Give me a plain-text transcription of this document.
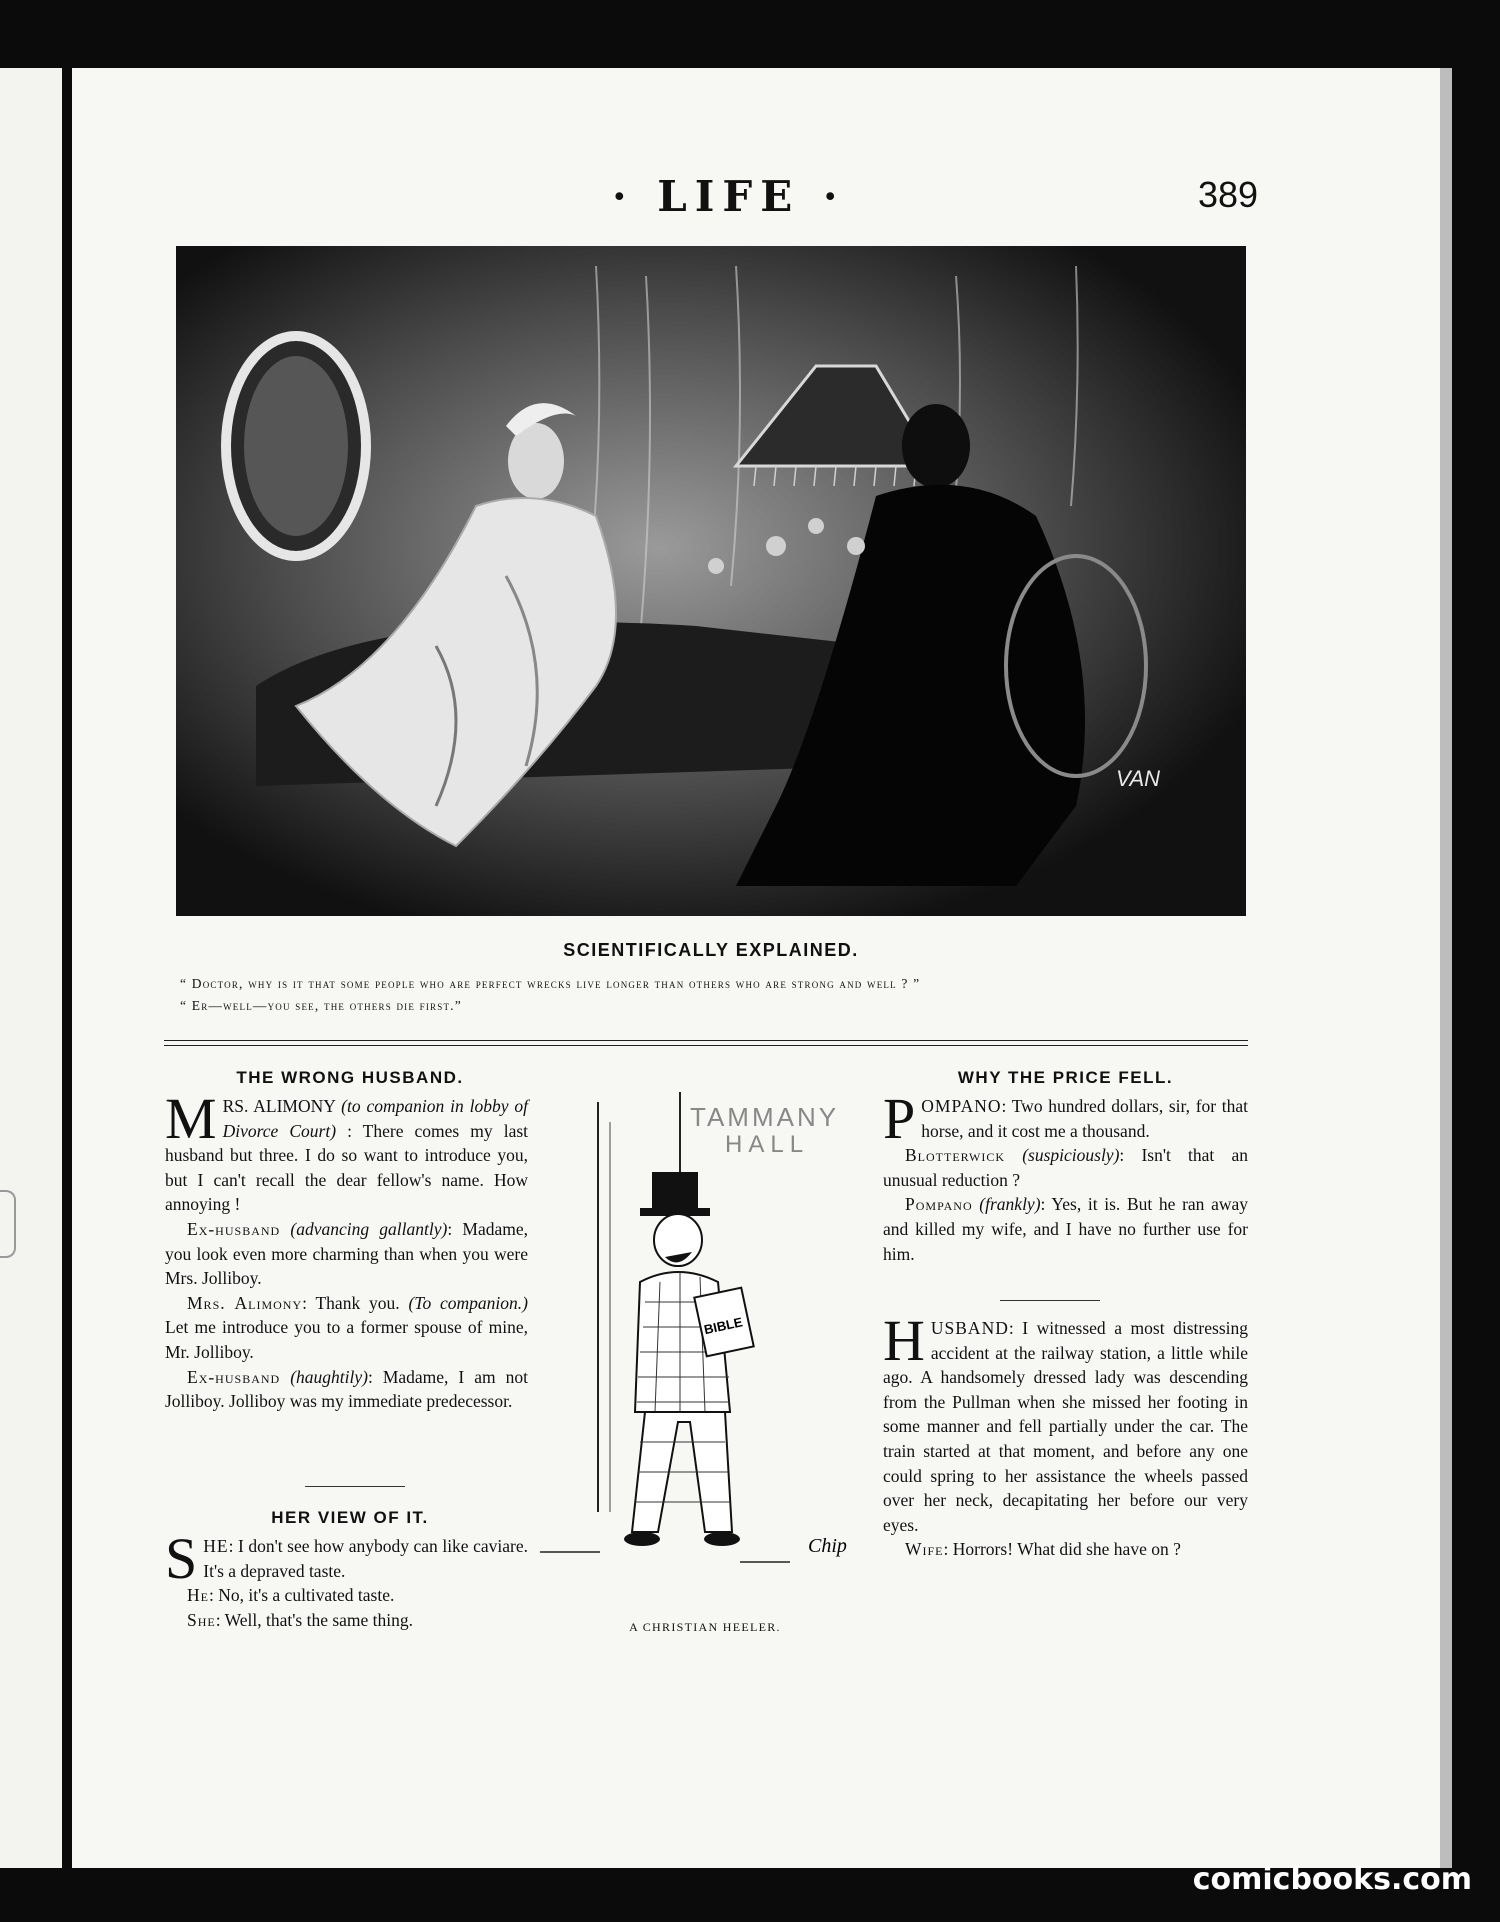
· LIFE ·	389
VAN
SCIENTIFICALLY EXPLAINED.
“ Doctor, why is it that some people who are perfect wrecks live longer than others who are strong and well ? ”
“ Er—well—you see, the others die first.”
THE WRONG HUSBAND.

M RS. ALIMONY (to companion in lobby of Divorce Court) : There comes my last husband but three. I do so want to introduce you, but I can't recall the dear fellow's name. How annoying !

Ex-husband (advancing gallantly): Madame, you look even more charming than when you were Mrs. Jolliboy.

Mrs. Alimony: Thank you. (To companion.) Let me introduce you to a former spouse of mine, Mr. Jolliboy.

Ex-husband (haughtily): Madame, I am not Jolliboy. Jolliboy was my immediate predecessor.

HER VIEW OF IT.

S HE: I don't see how anybody can like caviare. It's a depraved taste.

He: No, it's a cultivated taste.

She: Well, that's the same thing.

TAMMANY
HALL
BIBLE
Chip
A CHRISTIAN HEELER.
WHY THE PRICE FELL.

P OMPANO: Two hundred dollars, sir, for that horse, and it cost me a thousand.

Blotterwick (suspiciously): Isn't that an unusual reduction ?

Pompano (frankly): Yes, it is. But he ran away and killed my wife, and I have no further use for him.

H USBAND: I witnessed a most distressing accident at the railway station, a little while ago. A handsomely dressed lady was descending from the Pullman when she missed her footing in some manner and fell partially under the car. The train started at that moment, and before any one could spring to her assistance the wheels passed over her neck, decapitating her before our very eyes.

Wife: Horrors! What did she have on ?

comicbooks.com
